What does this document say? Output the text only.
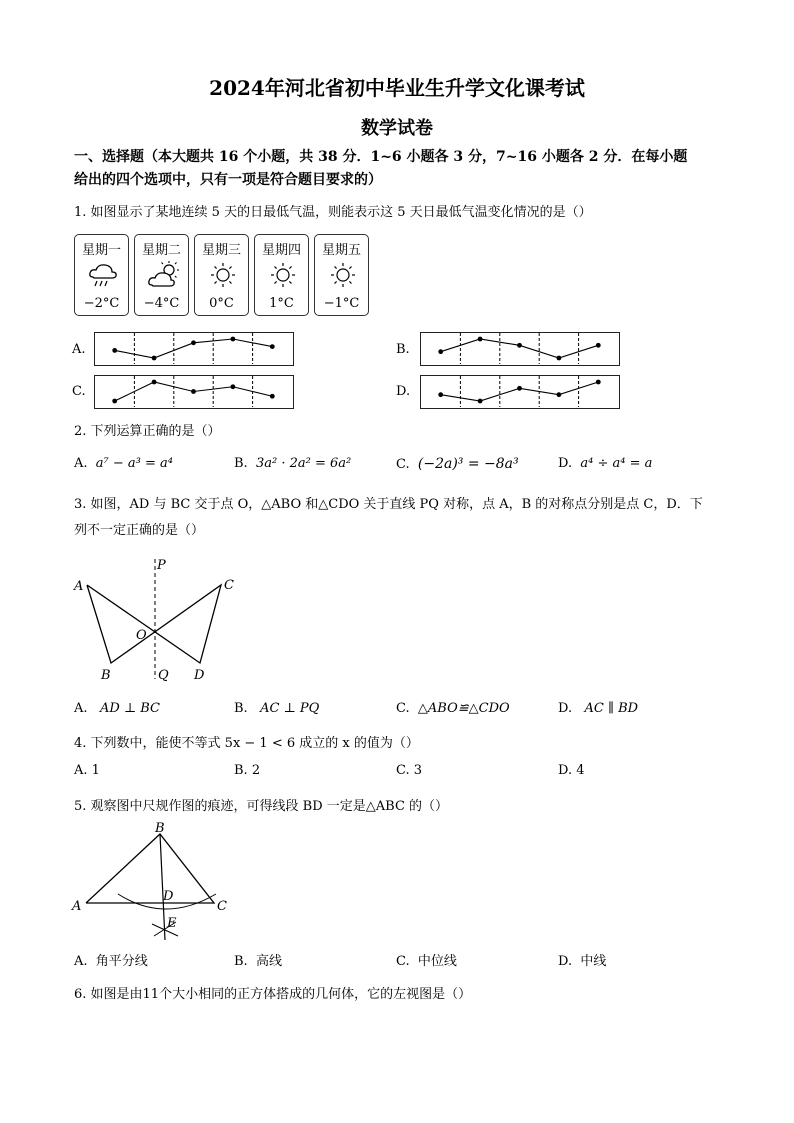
2024年河北省初中毕业生升学文化课考试
数学试卷
一、选择题（本大题共 16 个小题，共 38 分．1~6 小题各 3 分，7~16 小题各 2 分．在每小题
给出的四个选项中，只有一项是符合题目要求的）
1. 如图显示了某地连续 5 天的日最低气温，则能表示这 5 天日最低气温变化情况的是（）
星期一
−2°C
星期二
−4°C
星期三
0°C
星期四
1°C
星期五
−1°C
A.	B.
C.	D.
2. 下列运算正确的是（）
A. a⁷ − a³ = a⁴	B. 3a² · 2a² = 6a²	C. (−2a)³ = −8a³	D. a⁴ ÷ a⁴ = a
3. 如图，AD 与 BC 交于点 O，△ABO 和△CDO 关于直线 PQ 对称，点 A，B 的对称点分别是点 C，D．下
列不一定正确的是（）
A
B
C
D
O
P
Q
A. AD ⊥ BC	B. AC ⊥ PQ	C. △ABO≌△CDO	D. AC ∥ BD
4. 下列数中，能使不等式 5x − 1 < 6 成立的 x 的值为（）
A. 1	B. 2	C. 3	D. 4
5. 观察图中尺规作图的痕迹，可得线段 BD 一定是△ABC 的（）
B
A	C
D
E
A. 角平分线	B. 高线	C. 中位线	D. 中线
6. 如图是由11个大小相同的正方体搭成的几何体，它的左视图是（）
